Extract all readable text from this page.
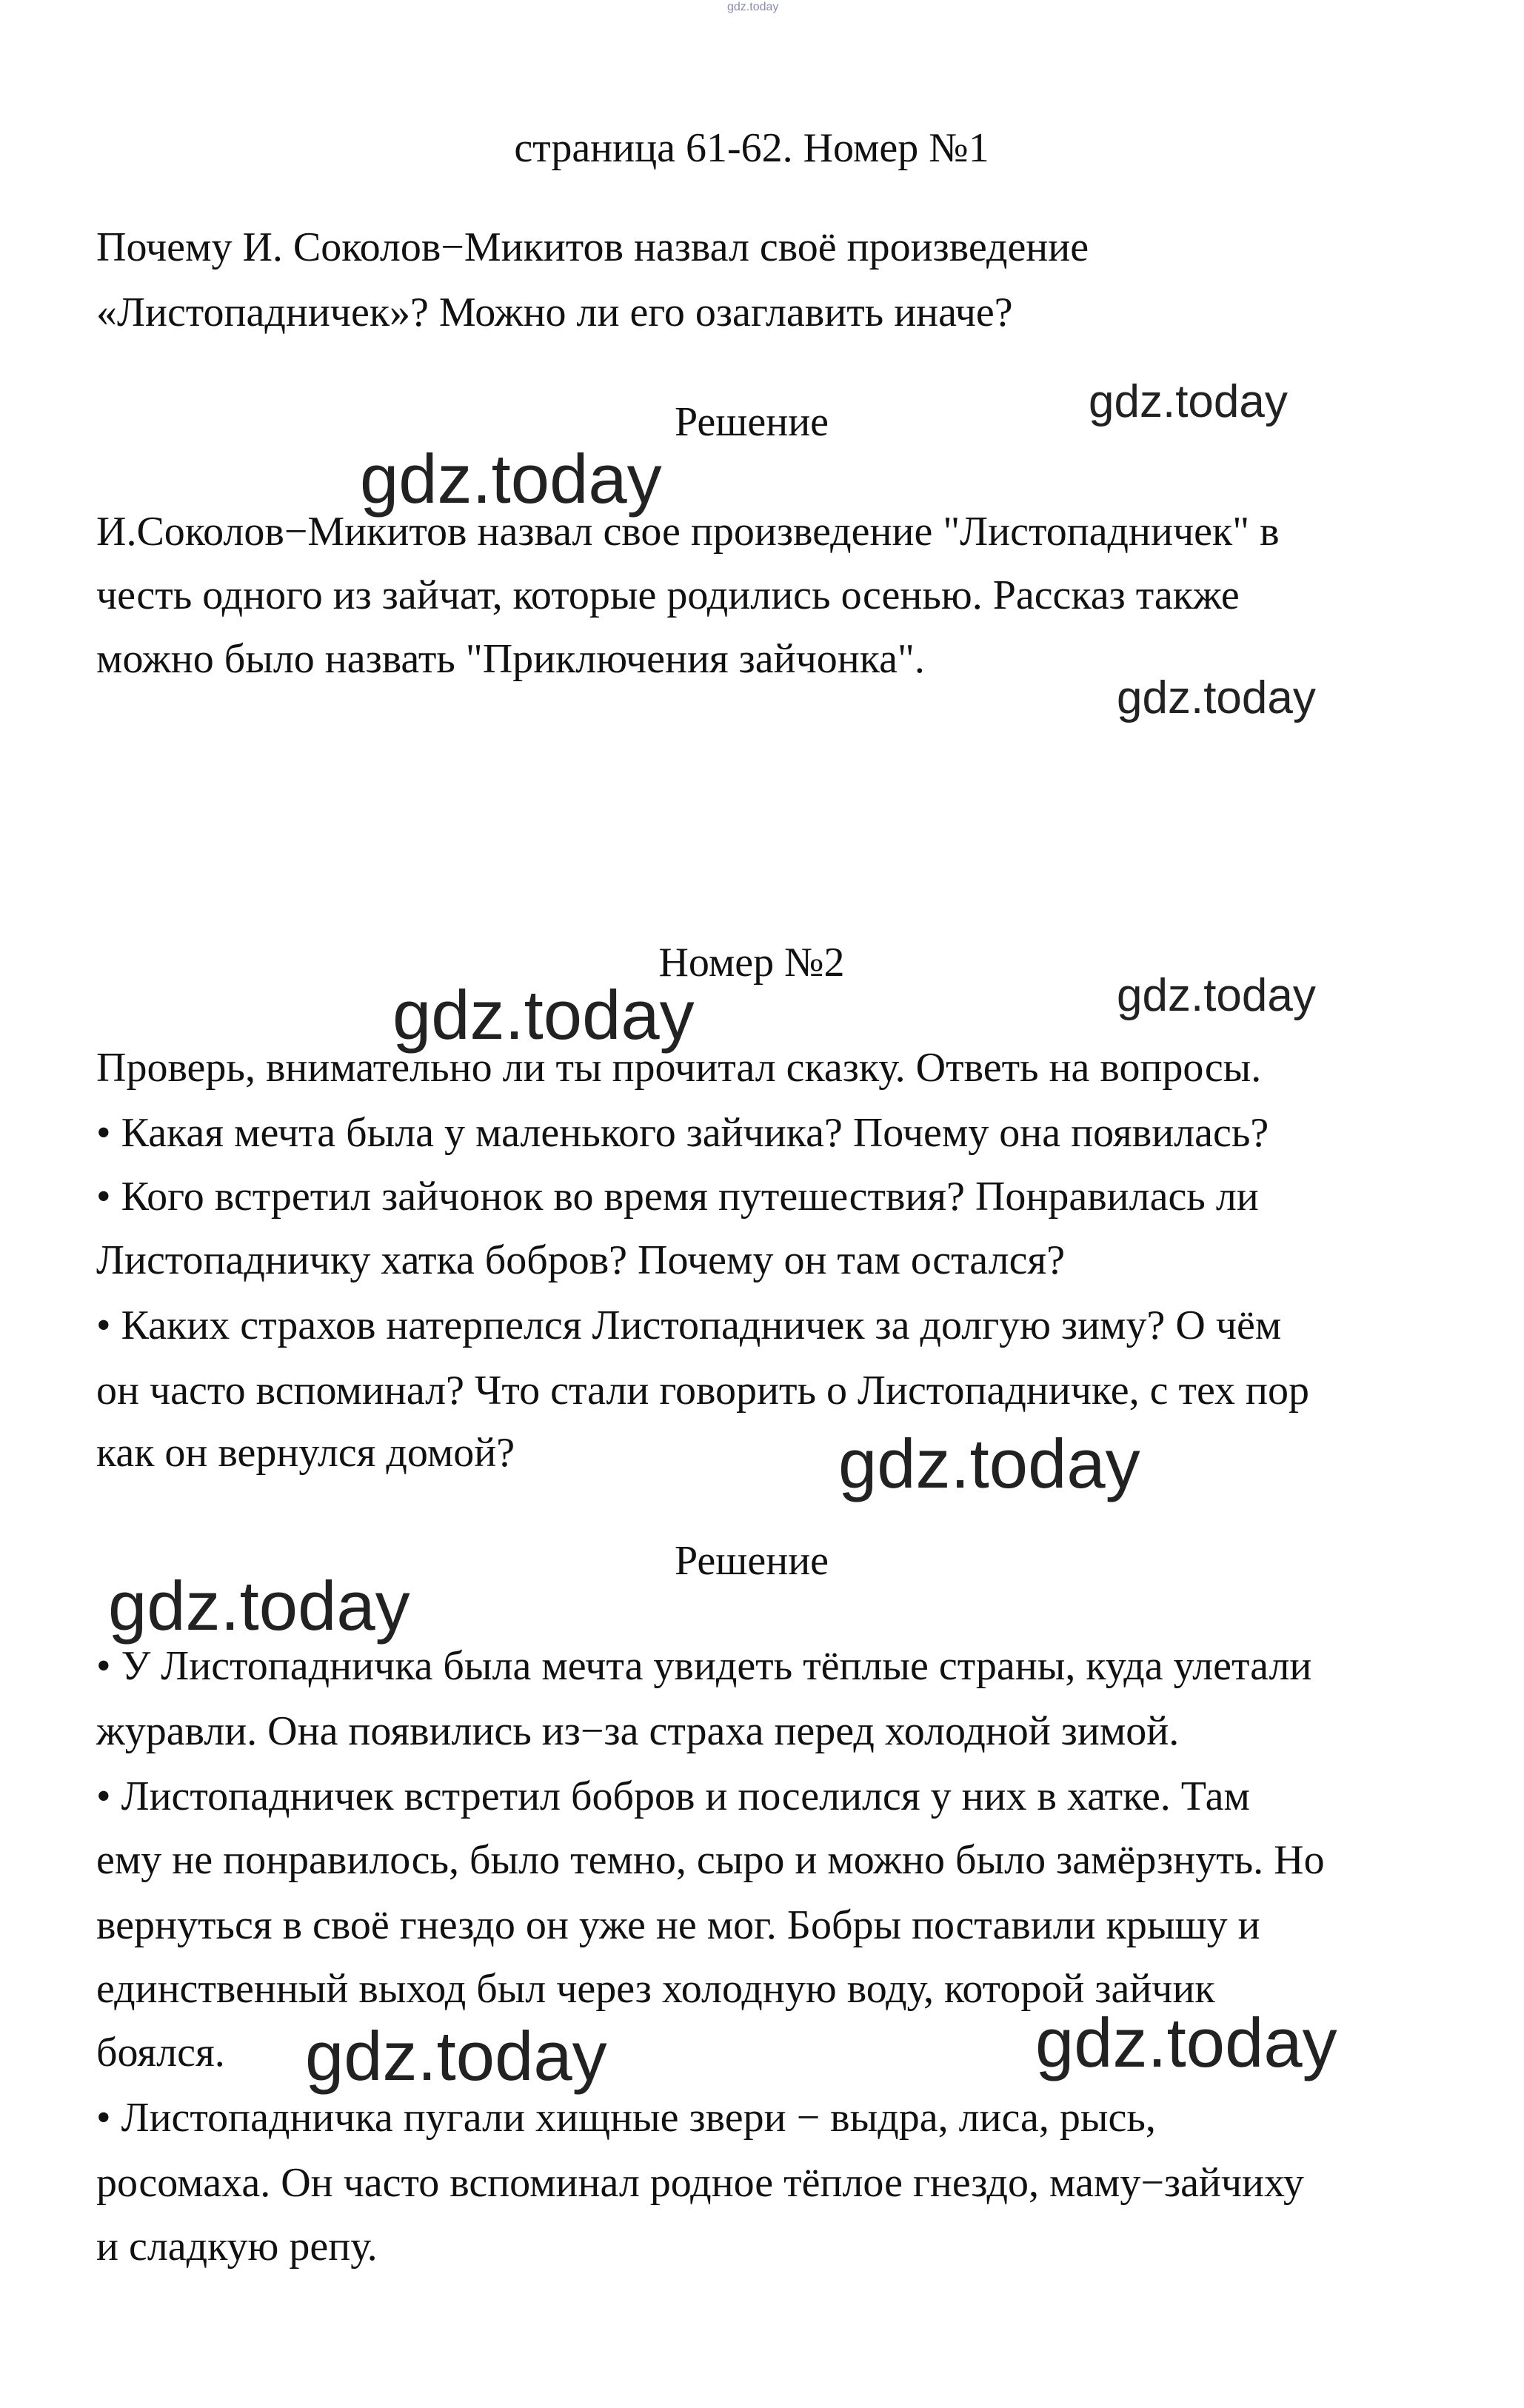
gdz.today
страница 61-62. Номер №1
Почему И. Соколов−Микитов назвал своё произведение
«Листопадничек»? Можно ли его озаглавить иначе?
Решение
И.Соколов−Микитов назвал свое произведение "Листопадничек" в
честь одного из зайчат, которые родились осенью. Рассказ также
можно было назвать "Приключения зайчонка".
Номер №2
Проверь, внимательно ли ты прочитал сказку. Ответь на вопросы.
• Какая мечта была у маленького зайчика? Почему она появилась?
• Кого встретил зайчонок во время путешествия? Понравилась ли
Листопадничку хатка бобров? Почему он там остался?
• Каких страхов натерпелся Листопадничек за долгую зиму? О чём
он часто вспоминал? Что стали говорить о Листопадничке, с тех пор
как он вернулся домой?
Решение
• У Листопадничка была мечта увидеть тёплые страны, куда улетали
журавли. Она появились из−за страха перед холодной зимой.
• Листопадничек встретил бобров и поселился у них в хатке. Там
ему не понравилось, было темно, сыро и можно было замёрзнуть. Но
вернуться в своё гнездо он уже не мог. Бобры поставили крышу и
единственный выход был через холодную воду, которой зайчик
боялся.
• Листопадничка пугали хищные звери − выдра, лиса, рысь,
росомаха. Он часто вспоминал родное тёплое гнездо, маму−зайчиху
и сладкую репу.
gdz.today
gdz.today
gdz.today
gdz.today
gdz.today
gdz.today
gdz.today
gdz.today	gdz.today
